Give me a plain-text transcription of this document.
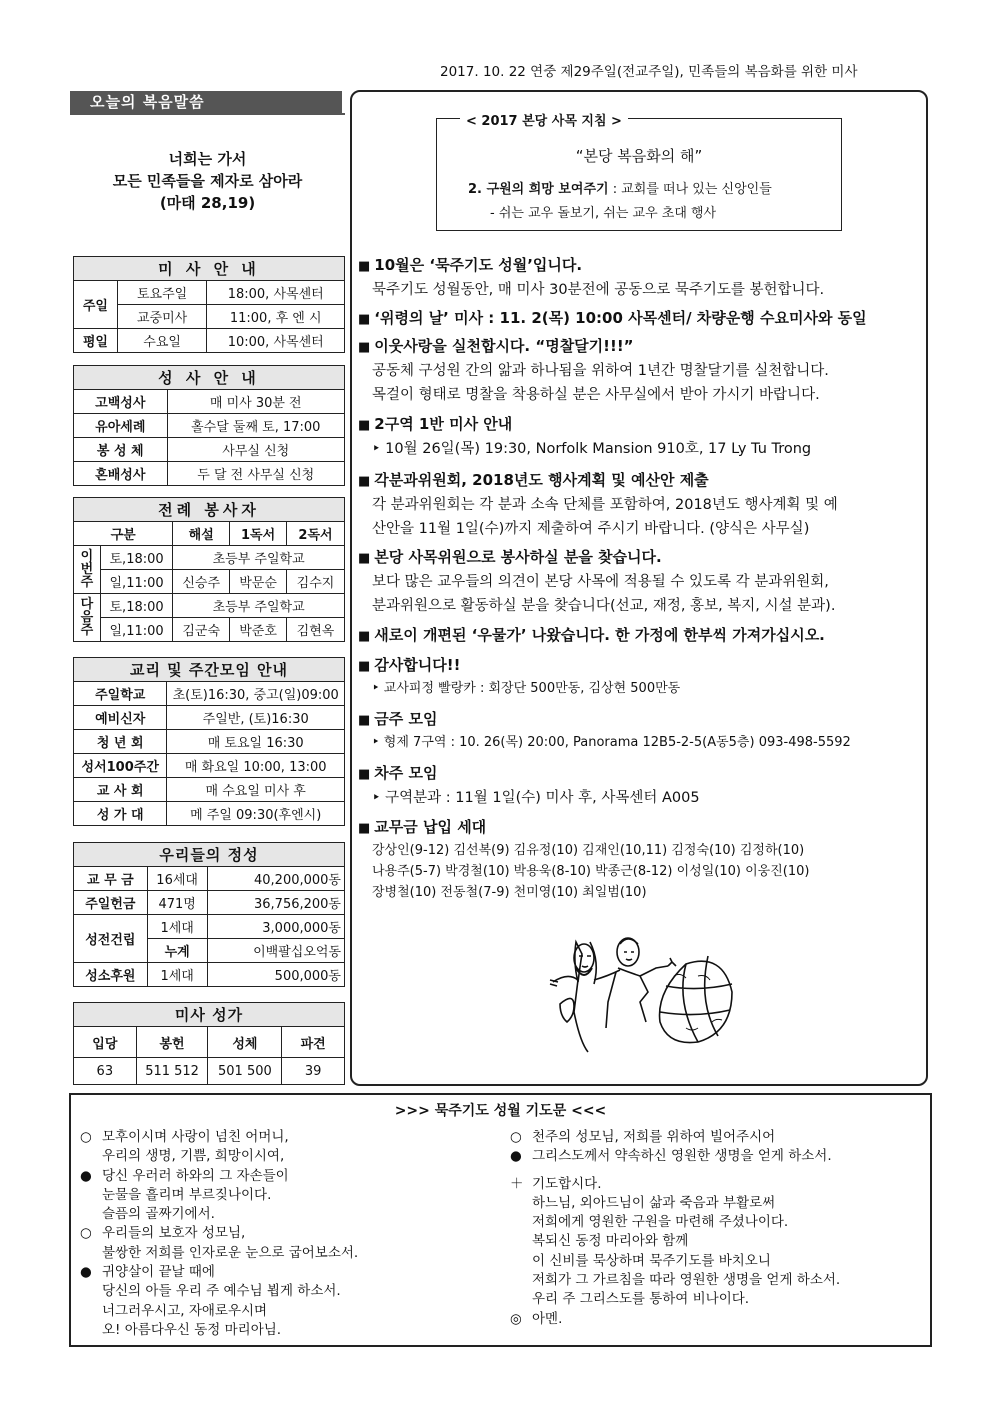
2017. 10. 22 연중 제29주일(전교주일), 민족들의 복음화를 위한 미사
오늘의 복음말씀
너희는 가서
모든 민족들을 제자로 삼아라
(마태 28,19)
미 사 안 내		
주일	토요주일	18:00, 사목센터
	교중미사	11:00, 후 엔 시
평일	수요일	10:00, 사목센터
성 사 안 내	
고백성사	매 미사 30분 전
유아세례	홀수달 둘째 토, 17:00
봉 성 체	사무실 신청
혼배성사	두 달 전 사무실 신청
전례 봉사자				
구분		해설	1독서	2독서
이번주	토,18:00	초등부 주일학교		
	일,11:00	신승주	박문순	김수지
다음주	토,18:00	초등부 주일학교		
	일,11:00	김군숙	박준호	김현옥
교리 및 주간모임 안내	
주일학교	초(토)16:30, 중고(일)09:00
예비신자	주일반, (토)16:30
청 년 회	매 토요일 16:30
성서100주간	매 화요일 10:00, 13:00
교 사 회	매 수요일 미사 후
성 가 대	메 주일 09:30(후엔시)
우리들의 정성		
교 무 금	16세대	40,200,000동
주일헌금	471명	36,756,200동
성전건립	1세대	3,000,000동
	누계	이백팔십오억동
성소후원	1세대	500,000동
미사 성가			
입당	봉헌	성체	파견
63	511 512	501 500	39
< 2017 본당 사목 지침 >
“본당 복음화의 해”
2. 구원의 희망 보여주기 : 교회를 떠나 있는 신앙인들
- 쉬는 교우 돌보기, 쉬는 교우 초대 행사
■ 10월은 ‘묵주기도 성월’입니다.
묵주기도 성월동안, 매 미사 30분전에 공동으로 묵주기도를 봉헌합니다.
■ ‘위령의 날’ 미사 : 11. 2(목) 10:00 사목센터/ 차량운행 수요미사와 동일
■ 이웃사랑을 실천합시다. “명찰달기!!!”
공동체 구성원 간의 앎과 하나됨을 위하여 1년간 명찰달기를 실천합니다.
목걸이 형태로 명찰을 착용하실 분은 사무실에서 받아 가시기 바랍니다.
■ 2구역 1반 미사 안내
‣ 10월 26일(목) 19:30, Norfolk Mansion 910호, 17 Ly Tu Trong
■ 각분과위원회, 2018년도 행사계획 및 예산안 제출
각 분과위원회는 각 분과 소속 단체를 포함하여, 2018년도 행사계획 및 예
산안을 11월 1일(수)까지 제출하여 주시기 바랍니다. (양식은 사무실)
■ 본당 사목위원으로 봉사하실 분을 찾습니다.
보다 많은 교우들의 의견이 본당 사목에 적용될 수 있도록 각 분과위원회,
분과위원으로 활동하실 분을 찾습니다(선교, 재정, 홍보, 복지, 시설 분과).
■ 새로이 개편된 ‘우물가’ 나왔습니다. 한 가정에 한부씩 가져가십시오.
■ 감사합니다!!
‣ 교사피정 빨랑카 : 회장단 500만동, 김상현 500만동
■ 금주 모임
‣ 형제 7구역 : 10. 26(목) 20:00, Panorama 12B5-2-5(A동5층) 093-498-5592
■ 차주 모임
‣ 구역분과 : 11월 1일(수) 미사 후, 사목센터 A005
■ 교무금 납입 세대
강상인(9-12) 김선복(9) 김유정(10) 김재인(10,11) 김정숙(10) 김정하(10)
나용주(5-7) 박경철(10) 박용욱(8-10) 박종근(8-12) 이성일(10) 이웅진(10)
장병철(10) 전동철(7-9) 천미영(10) 최일범(10)
>>> 묵주기도 성월 기도문 <<<
○ 모후이시며 사랑이 넘친 어머니,
우리의 생명, 기쁨, 희망이시여,
● 당신 우러러 하와의 그 자손들이
눈물을 흘리며 부르짖나이다.
슬픔의 골짜기에서.
○ 우리들의 보호자 성모님,
불쌍한 저희를 인자로운 눈으로 굽어보소서.
● 귀양살이 끝날 때에
당신의 아들 우리 주 예수님 뵙게 하소서.
너그러우시고, 자애로우시며
오! 아름다우신 동정 마리아님.
○ 천주의 성모님, 저희를 위하여 빌어주시어
● 그리스도께서 약속하신 영원한 생명을 얻게 하소서.
＋ 기도합시다.
하느님, 외아드님이 삶과 죽음과 부활로써
저희에게 영원한 구원을 마련해 주셨나이다.
복되신 동정 마리아와 함께
이 신비를 묵상하며 묵주기도를 바치오니
저희가 그 가르침을 따라 영원한 생명을 얻게 하소서.
우리 주 그리스도를 통하여 비나이다.
◎ 아멘.
